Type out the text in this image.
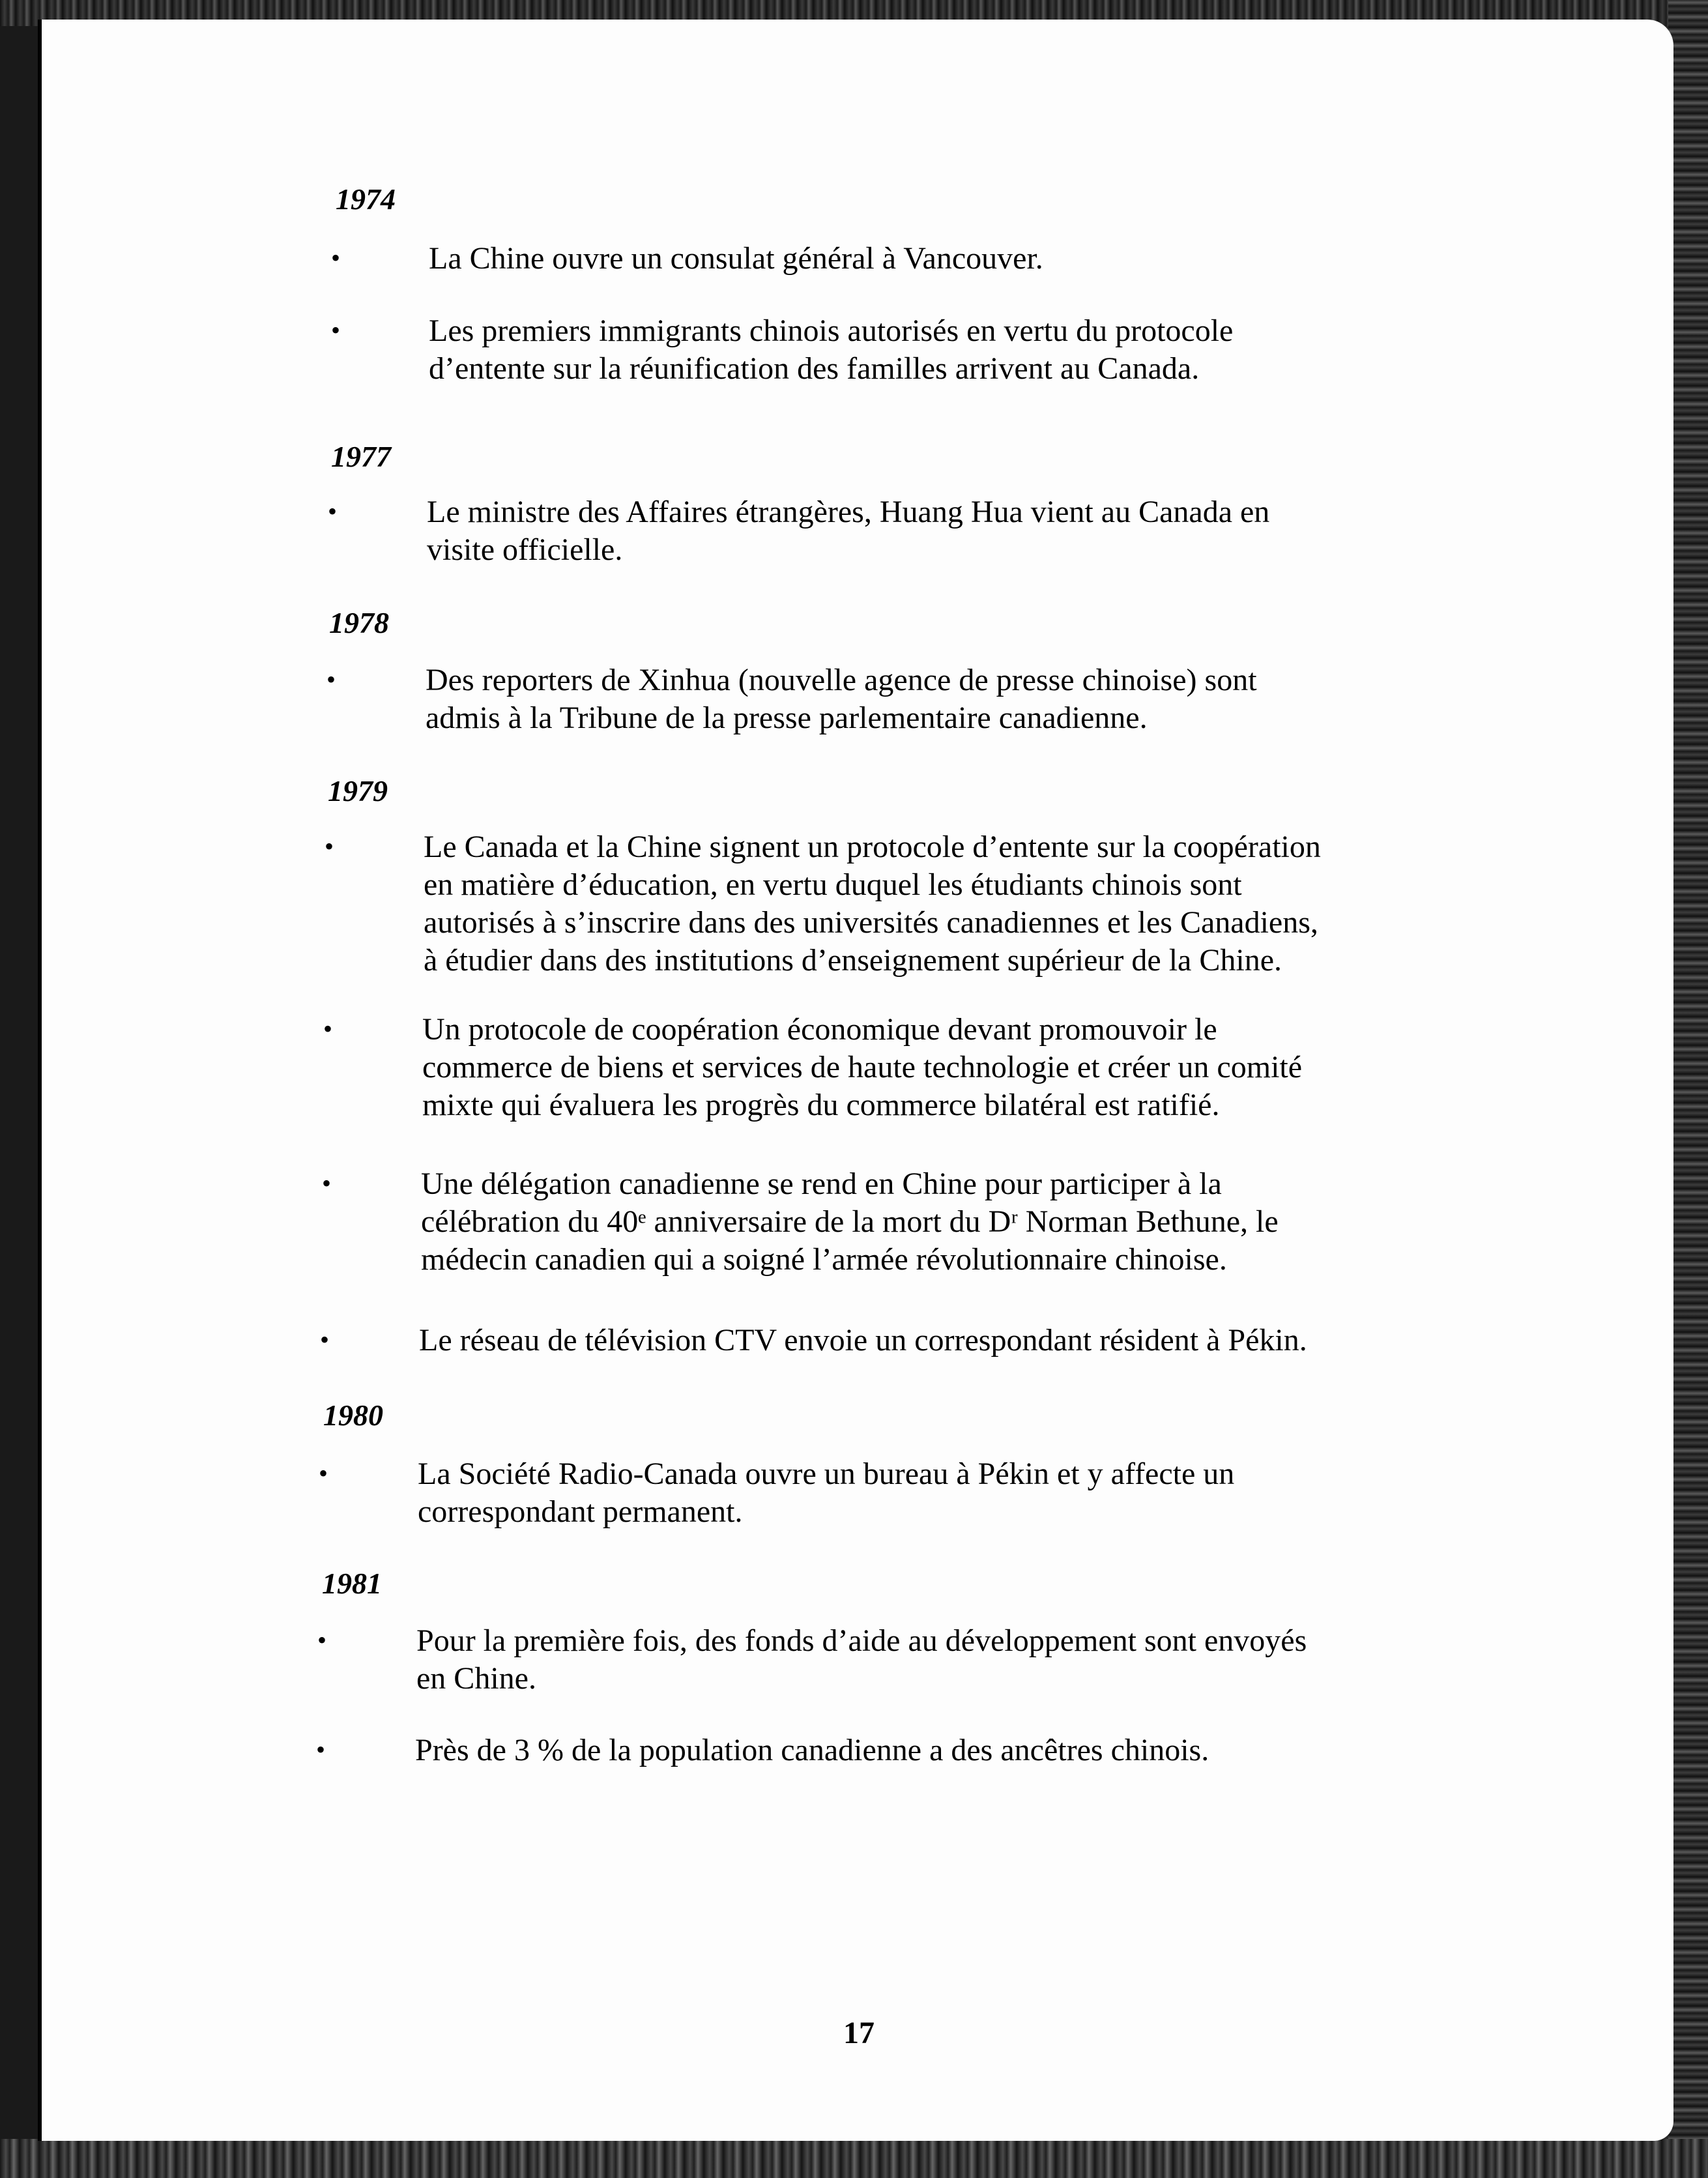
1974
•	La Chine ouvre un consulat général à Vancouver.
•	Les premiers immigrants chinois autorisés en vertu du protocole
d’entente sur la réunification des familles arrivent au Canada.
1977
•	Le ministre des Affaires étrangères, Huang Hua vient au Canada en
visite officielle.
1978
•	Des reporters de Xinhua (nouvelle agence de presse chinoise) sont
admis à la Tribune de la presse parlementaire canadienne.
1979
•	Le Canada et la Chine signent un protocole d’entente sur la coopération
en matière d’éducation, en vertu duquel les étudiants chinois sont
autorisés à s’inscrire dans des universités canadiennes et les Canadiens,
à étudier dans des institutions d’enseignement supérieur de la Chine.
•	Un protocole de coopération économique devant promouvoir le
commerce de biens et services de haute technologie et créer un comité
mixte qui évaluera les progrès du commerce bilatéral est ratifié.
•	Une délégation canadienne se rend en Chine pour participer à la
célébration du 40ᵉ anniversaire de la mort du Dʳ Norman Bethune, le
médecin canadien qui a soigné l’armée révolutionnaire chinoise.
•	Le réseau de télévision CTV envoie un correspondant résident à Pékin.
1980
•	La Société Radio-Canada ouvre un bureau à Pékin et y affecte un
correspondant permanent.
1981
•	Pour la première fois, des fonds d’aide au développement sont envoyés
en Chine.
•	Près de 3 % de la population canadienne a des ancêtres chinois.
17
